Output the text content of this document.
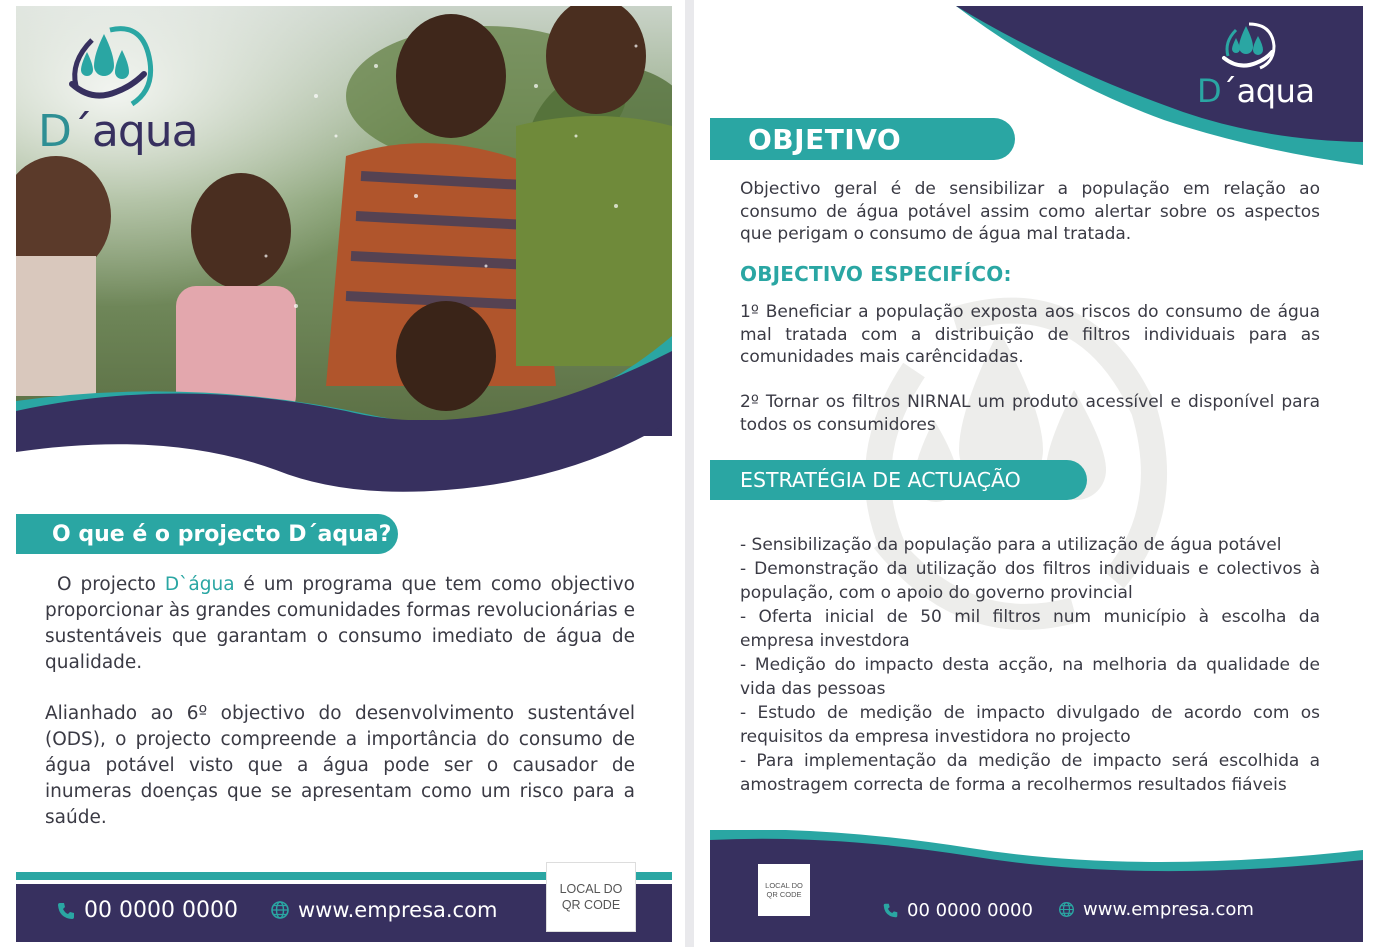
D´aqua
O que é o projecto D´aqua?

O projecto D`água é um programa que tem como objectivo proporcionar às grandes comunidades formas revolucionárias e sustentáveis que garantam o consumo imediato de água de qualidade.

Alianhado ao 6º objectivo do desenvolvimento sustentável (ODS), o projecto compreende a importância do consumo de água potável visto que a água pode ser o causador de inumeras doenças que se apresentam como um risco para a saúde.

LOCAL DO
QR CODE
00 0000 0000	www.empresa.com
D´aqua
OBJETIVO

Objectivo geral é de sensibilizar a população em relação ao consumo de água potável assim como alertar sobre os aspectos que perigam o consumo de água mal tratada.

OBJECTIVO ESPECIFÍCO:

1º Beneficiar a população exposta aos riscos do consumo de água mal tratada com a distribuição de filtros individuais para as comunidades mais carêncidadas.

2º Tornar os filtros NIRNAL um produto acessível e disponível para todos os consumidores

ESTRATÉGIA DE ACTUAÇÃO
- Sensibilização da população para a utilização de água potável
- Demonstração da utilização dos filtros individuais e colectivos à população, com o apoio do governo provincial
- Oferta inicial de 50 mil filtros num município à escolha da empresa investdora
- Medição do impacto desta acção, na melhoria da qualidade de vida das pessoas
- Estudo de medição de impacto divulgado de acordo com os requisitos da empresa investidora no projecto
- Para implementação da medição de impacto será escolhida a amostragem correcta de forma a recolhermos resultados fiáveis
LOCAL DO
QR CODE
00 0000 0000	www.empresa.com
